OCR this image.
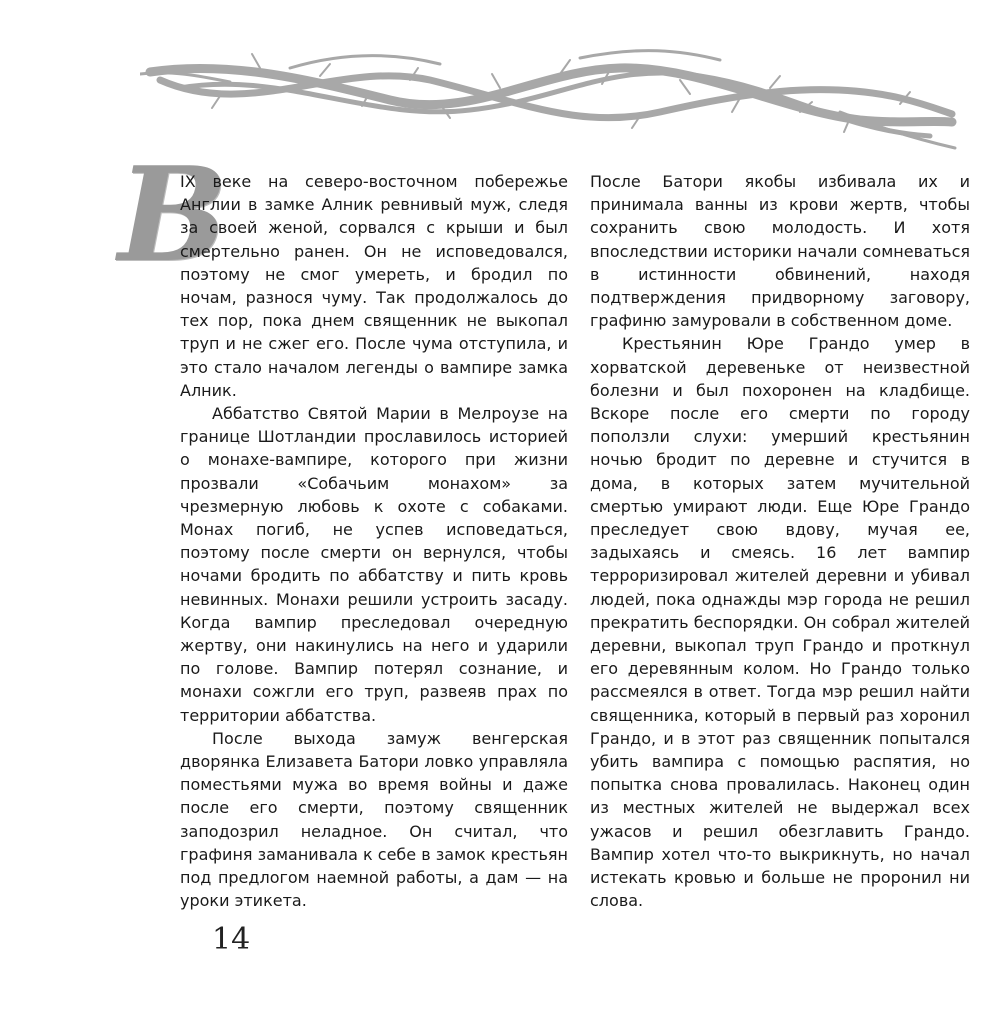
В

IX веке на северо-восточном побережье Англии в замке Алник ревнивый муж, следя за своей женой, сорвался с крыши и был смертельно ранен. Он не исповедовался, поэтому не смог умереть, и бродил по ночам, разнося чуму. Так продолжалось до тех пор, пока днем священник не выкопал труп и не сжег его. После чума отступила, и это стало началом легенды о вампире замка Алник.

Аббатство Святой Марии в Мелроузе на границе Шотландии прославилось историей о монахе-вампире, которого при жизни прозвали «Собачьим монахом» за чрезмерную любовь к охоте с собаками. Монах погиб, не успев исповедаться, поэтому после смерти он вернулся, чтобы ночами бродить по аббатству и пить кровь невинных. Монахи решили устроить засаду. Когда вампир преследовал очередную жертву, они накинулись на него и ударили по голове. Вампир потерял сознание, и монахи сожгли его труп, развеяв прах по территории аббатства.

После выхода замуж венгерская дворянка Елизавета Батори ловко управляла поместьями мужа во время войны и даже после его смерти, поэтому священник заподозрил неладное. Он считал, что графиня заманивала к себе в замок крестьян под предлогом наемной работы, а дам — на уроки этикета.

После Батори якобы избивала их и принимала ванны из крови жертв, чтобы сохранить свою молодость. И хотя впоследствии историки начали сомневаться в истинности обвинений, находя подтверждения придворному заговору, графиню замуровали в собственном доме.

Крестьянин Юре Грандо умер в хорватской деревеньке от неизвестной болезни и был похоронен на кладбище. Вскоре после его смерти по городу поползли слухи: умерший крестьянин ночью бродит по деревне и стучится в дома, в которых затем мучительной смертью умирают люди. Еще Юре Грандо преследует свою вдову, мучая ее, задыхаясь и смеясь. 16 лет вампир терроризировал жителей деревни и убивал людей, пока однажды мэр города не решил прекратить беспорядки. Он собрал жителей деревни, выкопал труп Грандо и проткнул его деревянным колом. Но Грандо только рассмеялся в ответ. Тогда мэр решил найти священника, который в первый раз хоронил Грандо, и в этот раз священник попытался убить вампира с помощью распятия, но попытка снова провалилась. Наконец один из местных жителей не выдержал всех ужасов и решил обезглавить Грандо. Вампир хотел что-то выкрикнуть, но начал истекать кровью и больше не проронил ни слова.

14
